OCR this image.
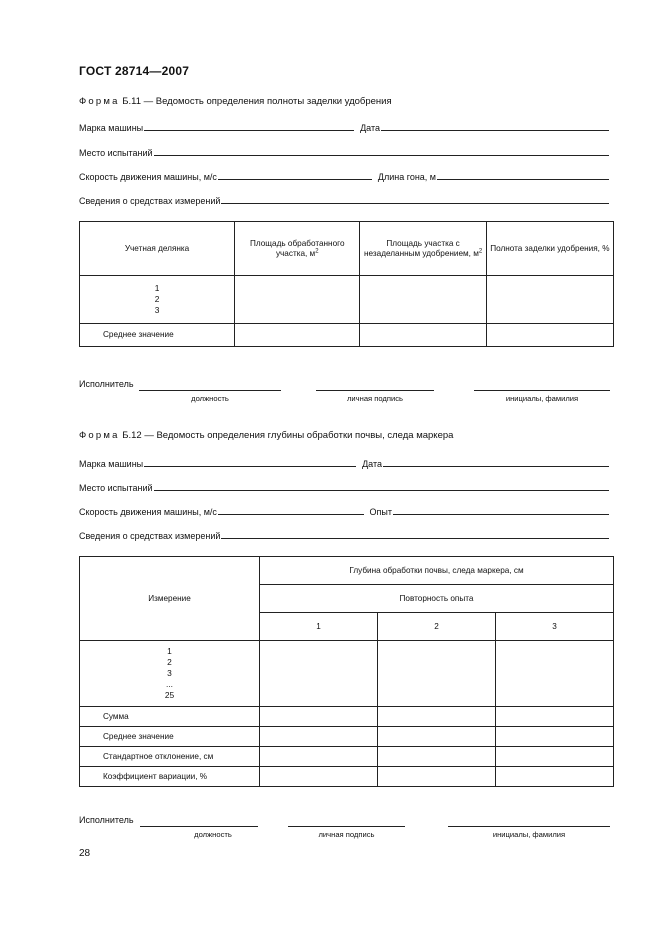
ГОСТ 28714—2007
Форма Б.11 — Ведомость определения полноты заделки удобрения
Марка машины	Дата
Место испытаний
Скорость движения машины, м/с	Длина гона, м
Сведения о средствах измерений
Учетная делянка	Площадь обработанного участка, $м^2$	Площадь участка с незаделанным удобрением, $м^2$	Полнота заделки удобрения, %

1
2
3			

Среднее значение			
Исполнитель
должность	личная подпись	инициалы, фамилия
Форма Б.12 — Ведомость определения глубины обработки почвы, следа маркера
Марка машины	Дата
Место испытаний
Скорость движения машины, м/с	Опыт
Сведения о средствах измерений
Измерение	Глубина обработки почвы, следа маркера, см		
	Повторность опыта		
	1	2	3

1
2
3
...
25			

Сумма			
Среднее значение			
Стандартное отклонение, см			
Коэффициент вариации, %			
Исполнитель
должность	личная подпись	инициалы, фамилия
28
